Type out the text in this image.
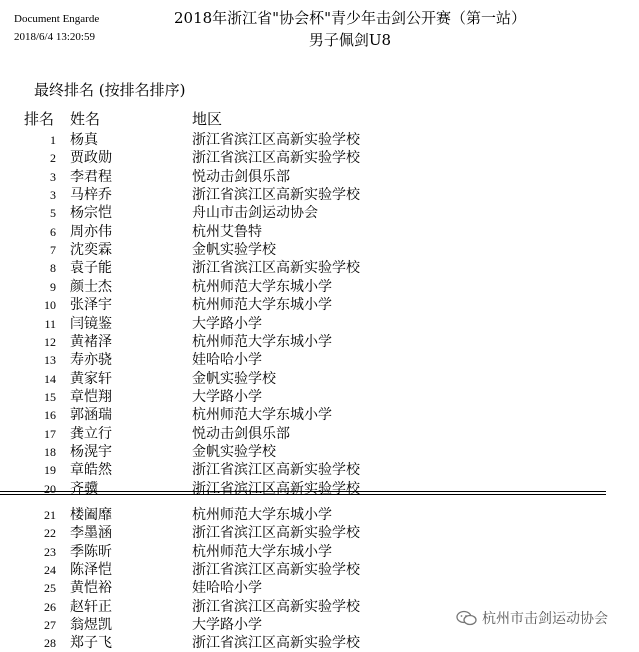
Document Engarde
2018/6/4 13:20:59
2018年浙江省"协会杯"青少年击剑公开赛（第一站）
男子佩剑U8
最终排名 (按排名排序)
排名 姓名	地区
1 杨真	浙江省滨江区高新实验学校
2 贾政勋	浙江省滨江区高新实验学校
3 李君程	悦动击剑俱乐部
3 马梓乔	浙江省滨江区高新实验学校
5 杨宗恺	舟山市击剑运动协会
6 周亦伟	杭州艾鲁特
7 沈奕霖	金帆实验学校
8 袁子能	浙江省滨江区高新实验学校
9 颜士杰	杭州师范大学东城小学
10 张泽宇	杭州师范大学东城小学
11 闫镜鉴	大学路小学
12 黄褚泽	杭州师范大学东城小学
13 寿亦骁	娃哈哈小学
14 黄家轩	金帆实验学校
15 章恺翔	大学路小学
16 郭涵瑞	杭州师范大学东城小学
17 龚立行	悦动击剑俱乐部
18 杨滉宇	金帆实验学校
19 章皓然	浙江省滨江区高新实验学校
20 齐骥	浙江省滨江区高新实验学校
21 楼阖靡	杭州师范大学东城小学
22 李墨涵	浙江省滨江区高新实验学校
23 季陈昕	杭州师范大学东城小学
24 陈泽恺	浙江省滨江区高新实验学校
25 黄恺裕	娃哈哈小学
26 赵轩正	浙江省滨江区高新实验学校
27 翁煜凯	大学路小学
28 郑子飞	浙江省滨江区高新实验学校
杭州市击剑运动协会
